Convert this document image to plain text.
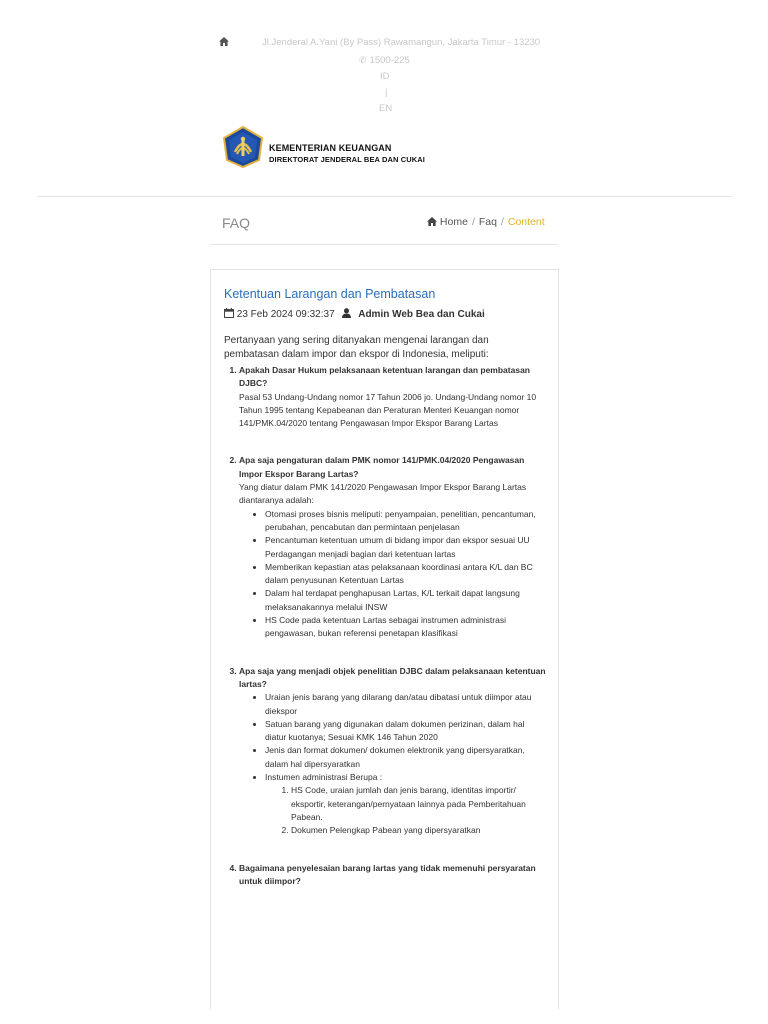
Jl.Jenderal A.Yani (By Pass) Rawamangun, Jakarta Timur - 13230
✆ 1500-225
ID
|
EN
KEMENTERIAN KEUANGAN
DIREKTORAT JENDERAL BEA DAN CUKAI
FAQ	Home / Faq / Content
Ketentuan Larangan dan Pembatasan
23 Feb 2024 09:32:37 Admin Web Bea dan Cukai
Pertanyaan yang sering ditanyakan mengenai larangan dan pembatasan dalam impor dan ekspor di Indonesia, meliputi:
1. Apakah Dasar Hukum pelaksanaan ketentuan larangan dan pembatasan DJBC?
Pasal 53 Undang-Undang nomor 17 Tahun 2006 jo. Undang-Undang nomor 10 Tahun 1995 tentang Kepabeanan dan Peraturan Menteri Keuangan nomor 141/PMK.04/2020 tentang Pengawasan Impor Ekspor Barang Lartas
2. Apa saja pengaturan dalam PMK nomor 141/PMK.04/2020 Pengawasan Impor Ekspor Barang Lartas?
Yang diatur dalam PMK 141/2020 Pengawasan Impor Ekspor Barang Lartas diantaranya adalah:
• Otomasi proses bisnis meliputi: penyampaian, penelitian, pencantuman, perubahan, pencabutan dan permintaan penjelasan
• Pencantuman ketentuan umum di bidang impor dan ekspor sesuai UU Perdagangan menjadi bagian dari ketentuan lartas
• Memberikan kepastian atas pelaksanaan koordinasi antara K/L dan BC dalam penyusunan Ketentuan Lartas
• Dalam hal terdapat penghapusan Lartas, K/L terkait dapat langsung melaksanakannya melalui INSW
• HS Code pada ketentuan Lartas sebagai instrumen administrasi pengawasan, bukan referensi penetapan klasifikasi
3. Apa saja yang menjadi objek penelitian DJBC dalam pelaksanaan ketentuan lartas?
• Uraian jenis barang yang dilarang dan/atau dibatasi untuk diimpor atau diekspor
• Satuan barang yang digunakan dalam dokumen perizinan, dalam hal diatur kuotanya; Sesuai KMK 146 Tahun 2020
• Jenis dan format dokumen/ dokumen elektronik yang dipersyaratkan, dalam hal dipersyaratkan
• Instumen administrasi Berupa :
1. HS Code, uraian jumlah dan jenis barang, identitas importir/ eksportir, keterangan/pernyataan lainnya pada Pemberitahuan Pabean.
2. Dokumen Pelengkap Pabean yang dipersyaratkan
4. Bagaimana penyelesaian barang lartas yang tidak memenuhi persyaratan untuk diimpor?
